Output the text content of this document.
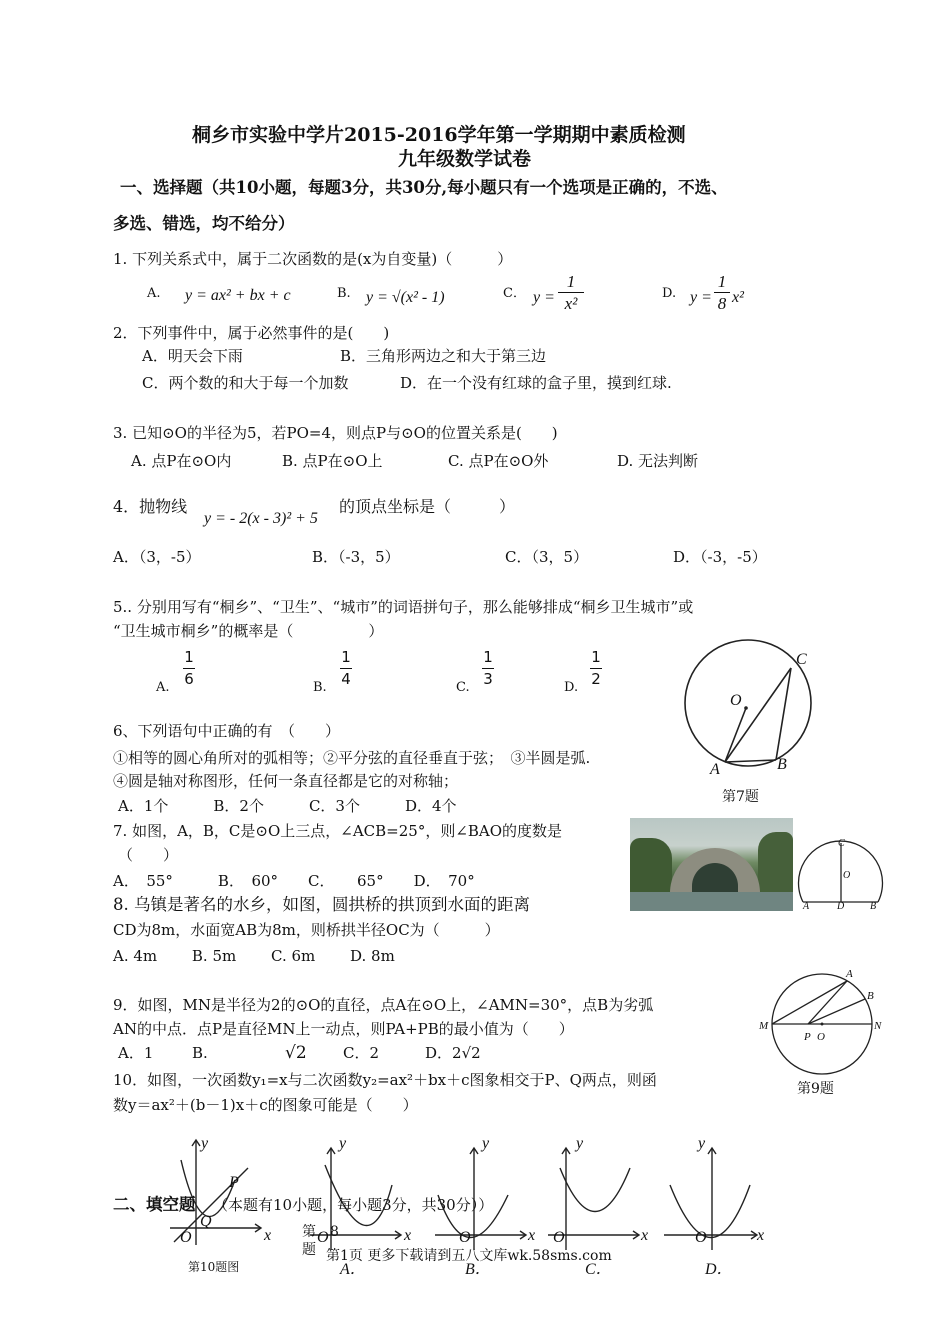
桐乡市实验中学片2015-2016学年第一学期期中素质检测
九年级数学试卷
一、选择题（共10小题，每题3分，共30分,每小题只有一个选项是正确的，不选、
多选、错选，均不给分）
1. 下列关系式中，属于二次函数的是(x为自变量)（　　　）
A. y = ax² + bx + c	B. y = √(x² - 1)	C． y =
1
x²
D. y =
1
8 x²
2．下列事件中，属于必然事件的是(　　)
A．明天会下雨	B．三角形两边之和大于第三边
C．两个数的和大于每一个加数	D．在一个没有红球的盒子里，摸到红球.
3. 已知⊙O的半径为5，若PO=4，则点P与⊙O的位置关系是(　　)
A. 点P在⊙O内	B. 点P在⊙O上	C. 点P在⊙O外	D. 无法判断
4．抛物线
y = - 2(x - 3)² + 5
的顶点坐标是（　　　）
A．（3，-5）	B．（-3，5）	C．（3，5）	D．（-3，-5）
5.. 分别用写有“桐乡”、“卫生”、“城市”的词语拼句子，那么能够排成“桐乡卫生城市”或
“卫生城市桐乡”的概率是（　　　　　）
A.
1
6	B.
1
4	C.
1
3	D.
1
2
C
O
A	B
第7题
6、下列语句中正确的有　（　　）
①相等的圆心角所对的弧相等；②平分弦的直径垂直于弦；　③半圆是弧.
④圆是轴对称图形，任何一条直径都是它的对称轴；
A．1个　　　B．2个　　　C．3个　　　D．4个
7. 如图，A，B，C是⊙O上三点，∠ACB=25°，则∠BAO的度数是
（　　）
A．　55°　　　B．　60°　　C．　　65°　　D．　70°
C
O
A	D	B
8. 乌镇是著名的水乡，如图，圆拱桥的拱顶到水面的距离
CD为8m，水面宽AB为8m，则桥拱半径OC为（　　　）
A. 4m　　 B. 5m　　 C. 6m　　 D. 8m
9．如图，MN是半径为2的⊙O的直径，点A在⊙O上，∠AMN=30°，点B为劣弧
AN的中点．点P是直径MN上一动点，则PA+PB的最小值为（　　）
A．1	B.	√2 C．2	D．2√2
A
B
M	N
P O
第9题
10．如图，一次函数y₁=x与二次函数y₂=ax²＋bx＋c图象相交于P、Q两点，则函
数y＝ax²＋(b－1)x＋c的图象可能是（　　）
y
P
Q
O	x
第10题图
y
O	x
A．
y
O	x
B．
y
O	x
C．
y
O	x
D．
二、填空题 （本题有10小题，每小题3分，共30分））
第 8
题 第1页 更多下载请到五八文库wk.58sms.com
